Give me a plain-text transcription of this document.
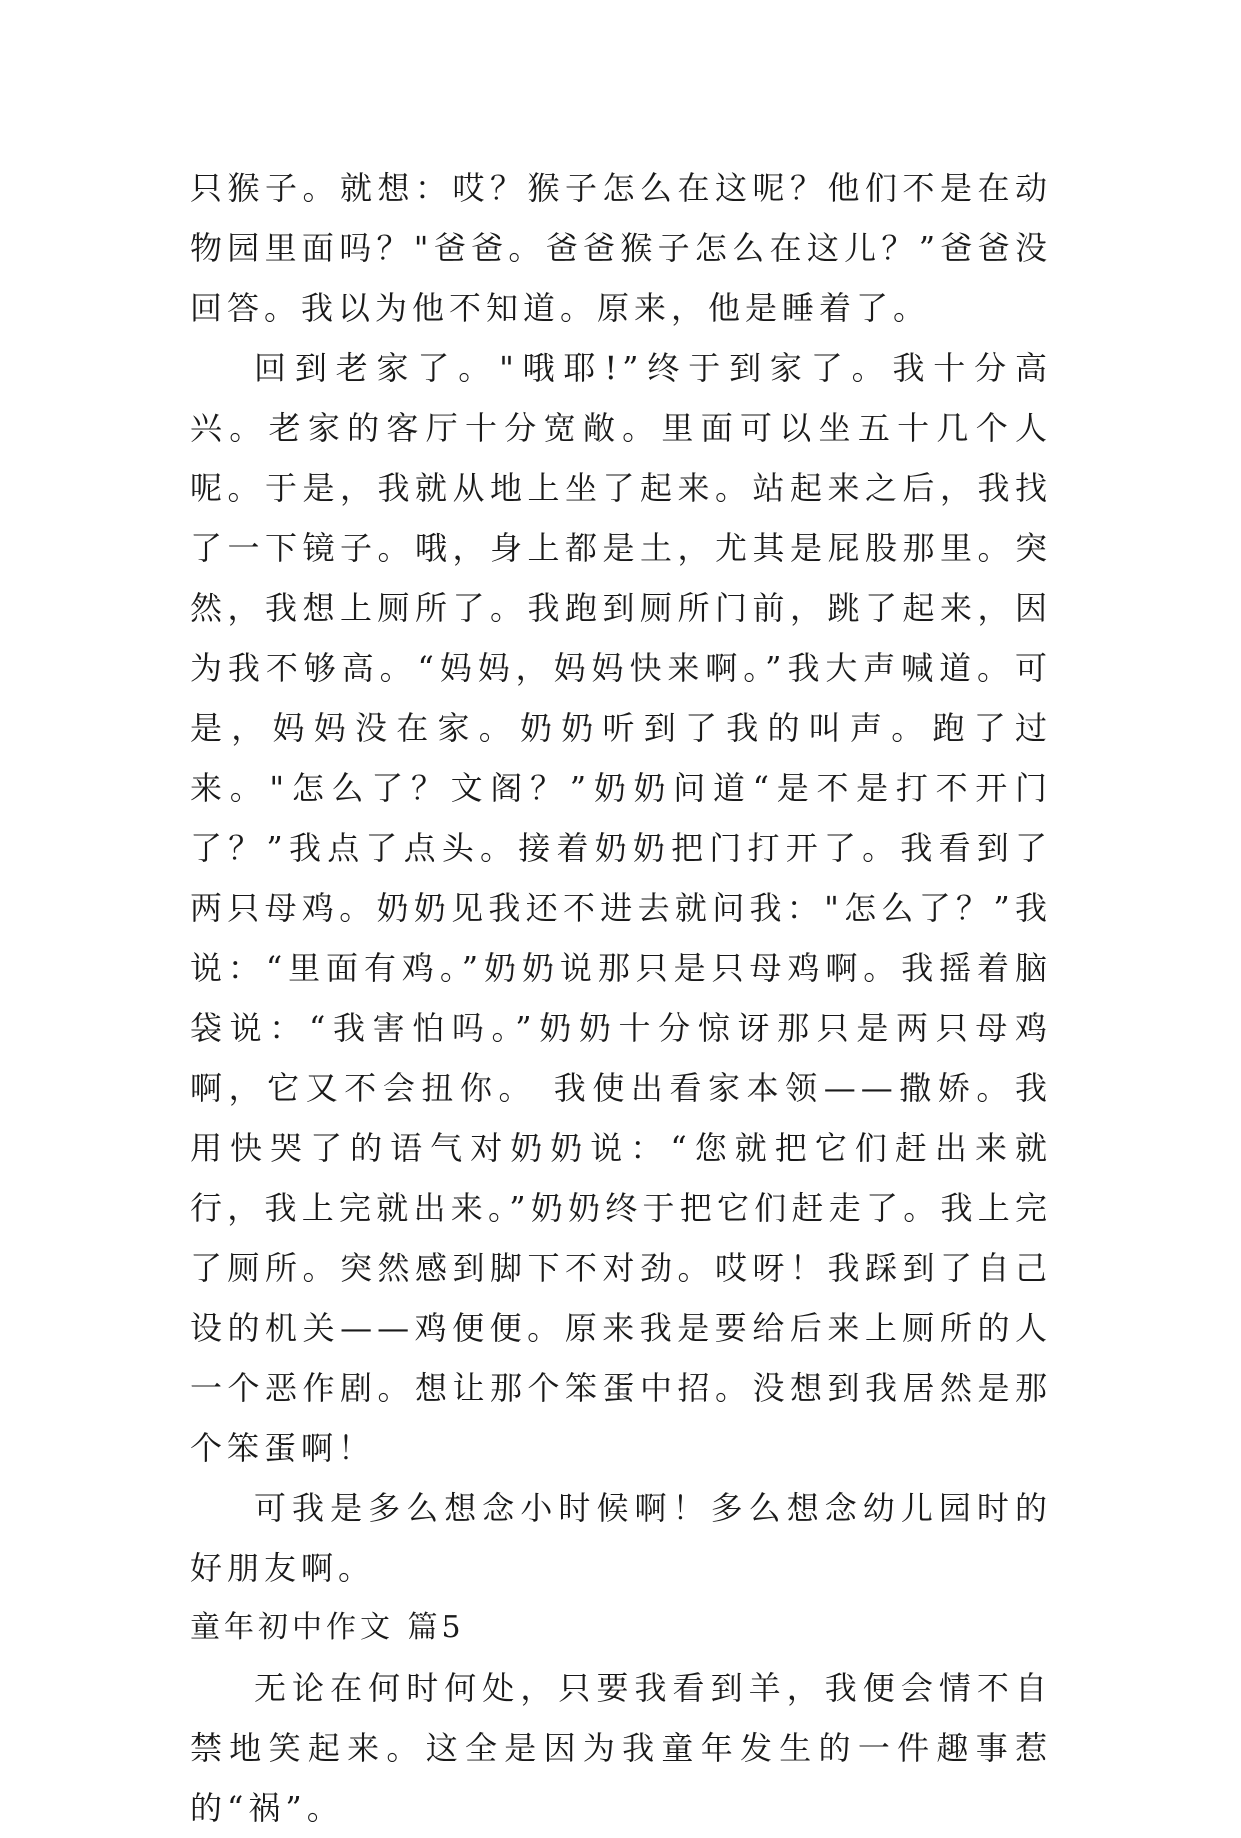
只猴子。就想：哎？猴子怎么在这呢？他们不是在动物园里面吗？"爸爸。爸爸猴子怎么在这儿？”爸爸没回答。我以为他不知道。原来，他是睡着了。

回到老家了。"哦耶!”终于到家了。我十分高兴。老家的客厅十分宽敞。里面可以坐五十几个人呢。于是，我就从地上坐了起来。站起来之后，我找了一下镜子。哦，身上都是土，尤其是屁股那里。突然，我想上厕所了。我跑到厕所门前，跳了起来，因为我不够高。“妈妈，妈妈快来啊。”我大声喊道。可是，妈妈没在家。奶奶听到了我的叫声。跑了过来。"怎么了？文阁？”奶奶问道“是不是打不开门了？”我点了点头。接着奶奶把门打开了。我看到了两只母鸡。奶奶见我还不进去就问我："怎么了？”我说：“里面有鸡。”奶奶说那只是只母鸡啊。我摇着脑袋说：“我害怕吗。”奶奶十分惊讶那只是两只母鸡啊，它又不会扭你。 我使出看家本领——撒娇。我用快哭了的语气对奶奶说：“您就把它们赶出来就行，我上完就出来。”奶奶终于把它们赶走了。我上完了厕所。突然感到脚下不对劲。哎呀！我踩到了自己设的机关——鸡便便。原来我是要给后来上厕所的人一个恶作剧。想让那个笨蛋中招。没想到我居然是那个笨蛋啊！

可我是多么想念小时候啊！多么想念幼儿园时的好朋友啊。

童年初中作文 篇5

无论在何时何处，只要我看到羊，我便会情不自禁地笑起来。这全是因为我童年发生的一件趣事惹的“祸”。
